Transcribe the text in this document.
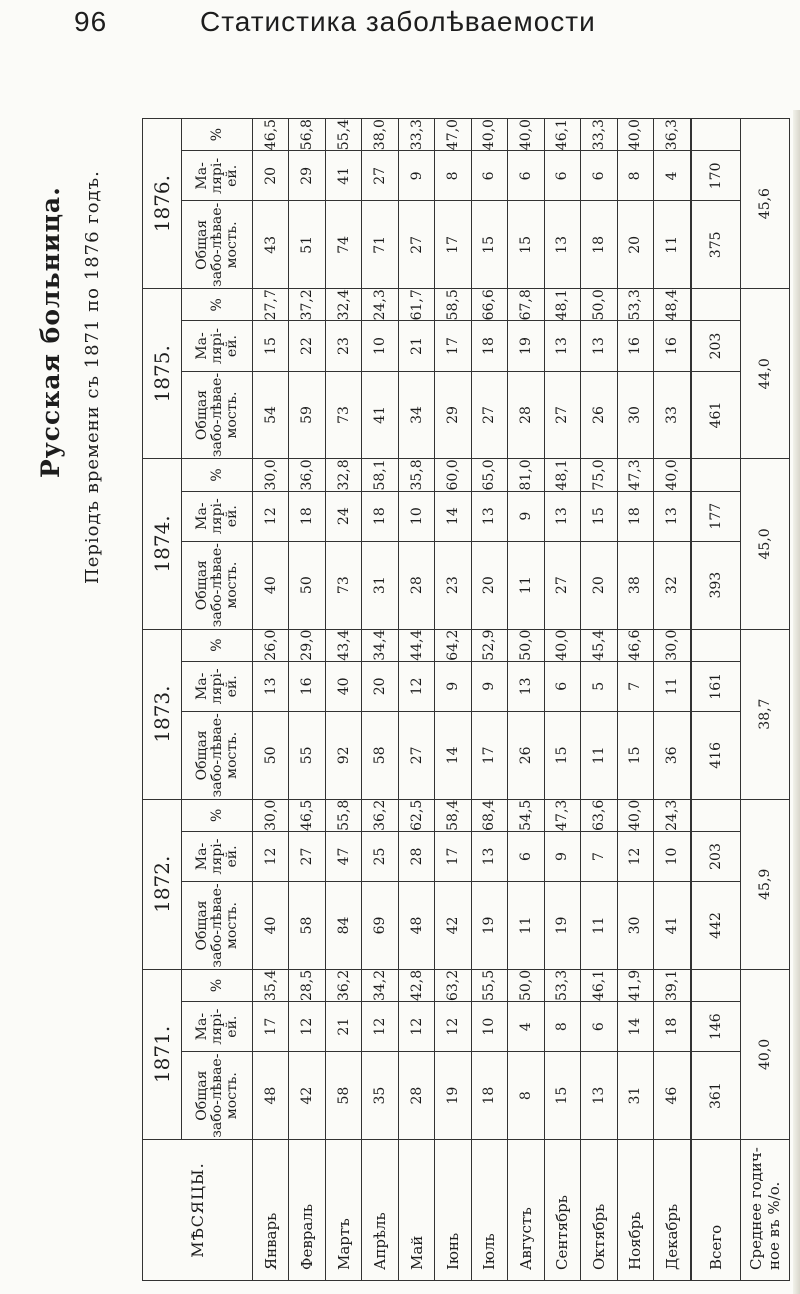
96	Статистика заболѣваемости
Русская больница. Періодъ времени съ 1871 по 1876 годъ.
МѢСЯЦЫ.	1871.			1872.			1873.			1874.			1875.			1876.		
	Общая забо-лѣвае-мость.	Ма-лярі-ей.	%	Общая забо-лѣвае-мость.	Ма-лярі-ей.	%	Общая забо-лѣвае-мость.	Ма-лярі-ей.	%	Общая забо-лѣвае-мость.	Ма-лярі-ей.	%	Общая забо-лѣвае-мость.	Ма-лярі-ей.	%	Общая забо-лѣвае-мость.	Ма-лярі-ей.	%
Январь	48	17	35,4	40	12	30,0	50	13	26,0	40	12	30,0	54	15	27,7	43	20	46,5
Февраль	42	12	28,5	58	27	46,5	55	16	29,0	50	18	36,0	59	22	37,2	51	29	56,8
Мартъ	58	21	36,2	84	47	55,8	92	40	43,4	73	24	32,8	73	23	32,4	74	41	55,4
Апрѣль	35	12	34,2	69	25	36,2	58	20	34,4	31	18	58,1	41	10	24,3	71	27	38,0
Май	28	12	42,8	48	28	62,5	27	12	44,4	28	10	35,8	34	21	61,7	27	9	33,3
Іюнь	19	12	63,2	42	17	58,4	14	9	64,2	23	14	60,0	29	17	58,5	17	8	47,0
Іюль	18	10	55,5	19	13	68,4	17	9	52,9	20	13	65,0	27	18	66,6	15	6	40,0
Августъ	8	4	50,0	11	6	54,5	26	13	50,0	11	9	81,0	28	19	67,8	15	6	40,0
Сентябрь	15	8	53,3	19	9	47,3	15	6	40,0	27	13	48,1	27	13	48,1	13	6	46,1
Октябрь	13	6	46,1	11	7	63,6	11	5	45,4	20	15	75,0	26	13	50,0	18	6	33,3
Ноябрь	31	14	41,9	30	12	40,0	15	7	46,6	38	18	47,3	30	16	53,3	20	8	40,0
Декабрь	46	18	39,1	41	10	24,3	36	11	30,0	32	13	40,0	33	16	48,4	11	4	36,3
Всего	361	146		442	203		416	161		393	177		461	203		375	170	
Среднее годич-ное въ %/o.	40,0			45,9			38,7			45,0			44,0			45,6		
